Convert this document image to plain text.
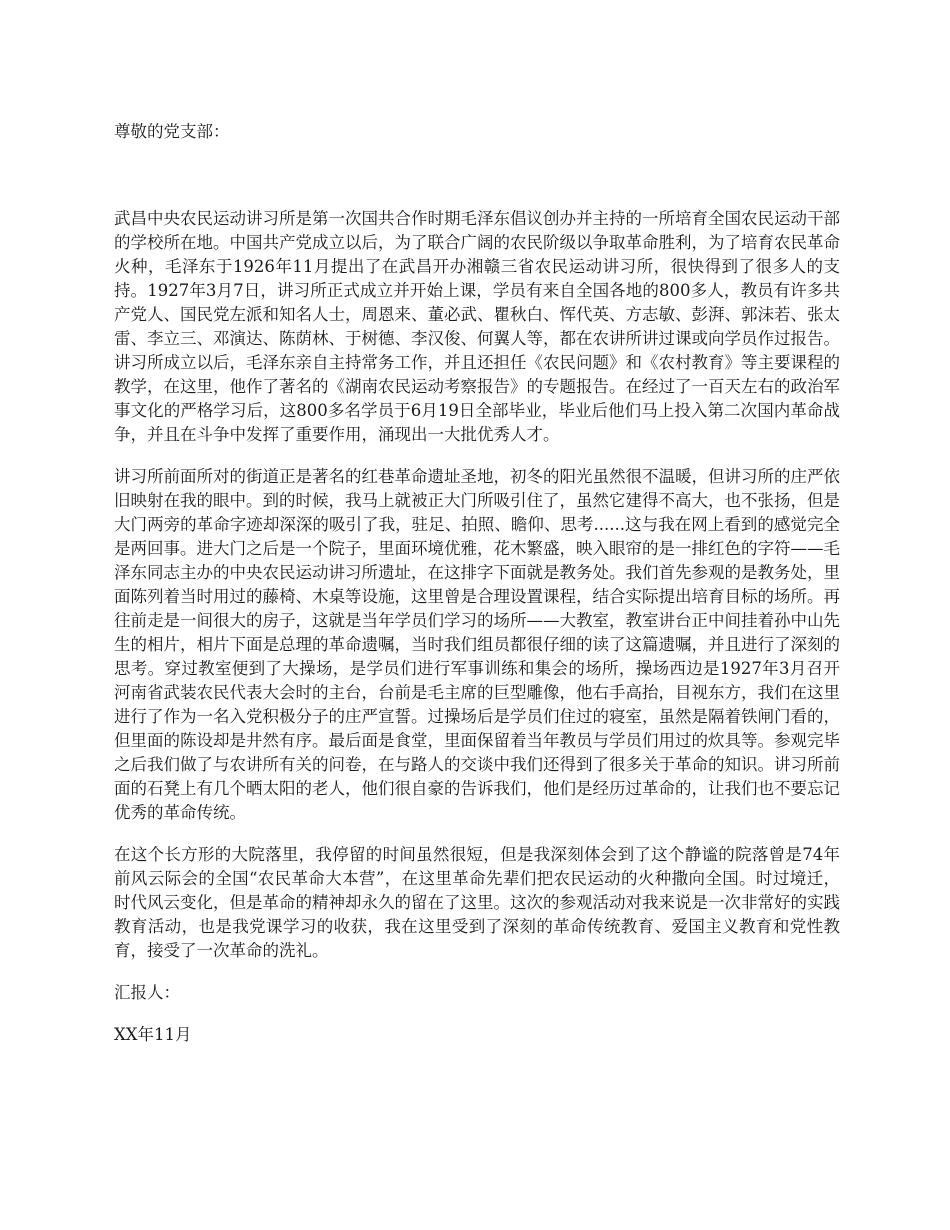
尊敬的党支部：

武昌中央农民运动讲习所是第一次国共合作时期毛泽东倡议创办并主持的一所培育全国农民运动干部的学校所在地。中国共产党成立以后，为了联合广阔的农民阶级以争取革命胜利，为了培育农民革命火种，毛泽东于1926年11月提出了在武昌开办湘赣三省农民运动讲习所，很快得到了很多人的支持。1927年3月7日，讲习所正式成立并开始上课，学员有来自全国各地的800多人，教员有许多共产党人、国民党左派和知名人士，周恩来、董必武、瞿秋白、恽代英、方志敏、彭湃、郭沫若、张太雷、李立三、邓演达、陈荫林、于树德、李汉俊、何翼人等，都在农讲所讲过课或向学员作过报告。讲习所成立以后，毛泽东亲自主持常务工作，并且还担任《农民问题》和《农村教育》等主要课程的教学，在这里，他作了著名的《湖南农民运动考察报告》的专题报告。在经过了一百天左右的政治军事文化的严格学习后，这800多名学员于6月19日全部毕业，毕业后他们马上投入第二次国内革命战争，并且在斗争中发挥了重要作用，涌现出一大批优秀人才。

讲习所前面所对的街道正是著名的红巷革命遗址圣地，初冬的阳光虽然很不温暖，但讲习所的庄严依旧映射在我的眼中。到的时候，我马上就被正大门所吸引住了，虽然它建得不高大，也不张扬，但是大门两旁的革命字迹却深深的吸引了我，驻足、拍照、瞻仰、思考......这与我在网上看到的感觉完全是两回事。进大门之后是一个院子，里面环境优雅，花木繁盛，映入眼帘的是一排红色的字符——毛泽东同志主办的中央农民运动讲习所遗址，在这排字下面就是教务处。我们首先参观的是教务处，里面陈列着当时用过的藤椅、木桌等设施，这里曾是合理设置课程，结合实际提出培育目标的场所。再往前走是一间很大的房子，这就是当年学员们学习的场所——大教室，教室讲台正中间挂着孙中山先生的相片，相片下面是总理的革命遗嘱，当时我们组员都很仔细的读了这篇遗嘱，并且进行了深刻的思考。穿过教室便到了大操场，是学员们进行军事训练和集会的场所，操场西边是1927年3月召开河南省武装农民代表大会时的主台，台前是毛主席的巨型雕像，他右手高抬，目视东方，我们在这里进行了作为一名入党积极分子的庄严宣誓。过操场后是学员们住过的寝室，虽然是隔着铁闸门看的，但里面的陈设却是井然有序。最后面是食堂，里面保留着当年教员与学员们用过的炊具等。参观完毕之后我们做了与农讲所有关的问卷，在与路人的交谈中我们还得到了很多关于革命的知识。讲习所前面的石凳上有几个晒太阳的老人，他们很自豪的告诉我们，他们是经历过革命的，让我们也不要忘记优秀的革命传统。

在这个长方形的大院落里，我停留的时间虽然很短，但是我深刻体会到了这个静谧的院落曾是74年前风云际会的全国“农民革命大本营”，在这里革命先辈们把农民运动的火种撒向全国。时过境迁，时代风云变化，但是革命的精神却永久的留在了这里。这次的参观活动对我来说是一次非常好的实践教育活动，也是我党课学习的收获，我在这里受到了深刻的革命传统教育、爱国主义教育和党性教育，接受了一次革命的洗礼。

汇报人：

XX年11月
